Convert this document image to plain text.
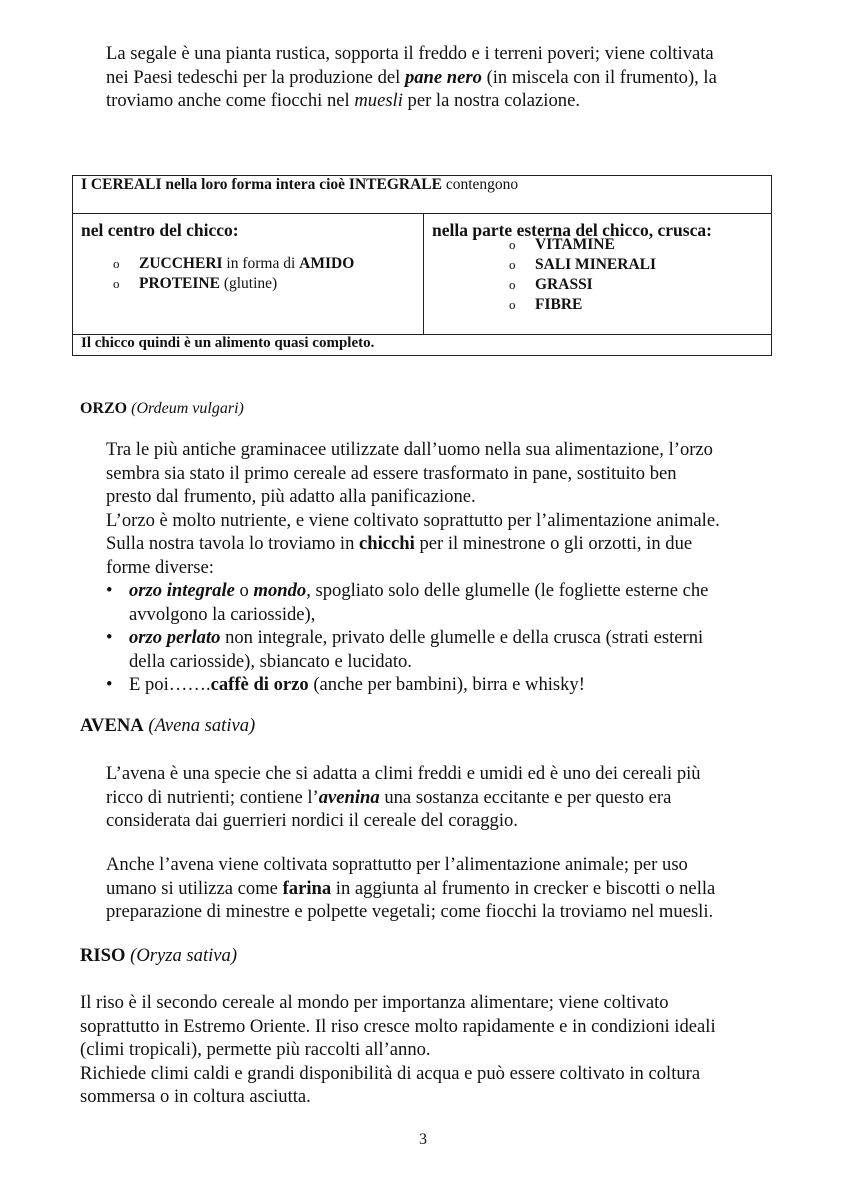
La segale è una pianta rustica, sopporta il freddo e i terreni poveri; viene coltivata

nei Paesi tedeschi per la produzione del pane nero (in miscela con il frumento), la

troviamo anche come fiocchi nel muesli per la nostra colazione.

I CEREALI nella loro forma intera cioè INTEGRALE contengono

nel centro del chicco:
o ZUCCHERI in forma di AMIDO
o PROTEINE (glutine)

nella parte esterna del chicco, crusca:
o VITAMINE
o SALI MINERALI
o GRASSI
o FIBRE

Il chicco quindi è un alimento quasi completo.
ORZO (Ordeum vulgari)

Tra le più antiche graminacee utilizzate dall’uomo nella sua alimentazione, l’orzo

sembra sia stato il primo cereale ad essere trasformato in pane, sostituito ben

presto dal frumento, più adatto alla panificazione.

L’orzo è molto nutriente, e viene coltivato soprattutto per l’alimentazione animale.

Sulla nostra tavola lo troviamo in chicchi per il minestrone o gli orzotti, in due

forme diverse:

• orzo integrale o mondo, spogliato solo delle glumelle (le fogliette esterne che
avvolgono la cariosside),
• orzo perlato non integrale, privato delle glumelle e della crusca (strati esterni
della cariosside), sbiancato e lucidato.
• E poi…….caffè di orzo (anche per bambini), birra e whisky!
AVENA (Avena sativa)

L’avena è una specie che si adatta a climi freddi e umidi ed è uno dei cereali più

ricco di nutrienti; contiene l’avenina una sostanza eccitante e per questo era

considerata dai guerrieri nordici il cereale del coraggio.

Anche l’avena viene coltivata soprattutto per l’alimentazione animale; per uso

umano si utilizza come farina in aggiunta al frumento in crecker e biscotti o nella

preparazione di minestre e polpette vegetali; come fiocchi la troviamo nel muesli.

RISO (Oryza sativa)

Il riso è il secondo cereale al mondo per importanza alimentare; viene coltivato

soprattutto in Estremo Oriente. Il riso cresce molto rapidamente e in condizioni ideali

(climi tropicali), permette più raccolti all’anno.

Richiede climi caldi e grandi disponibilità di acqua e può essere coltivato in coltura

sommersa o in coltura asciutta.

3
